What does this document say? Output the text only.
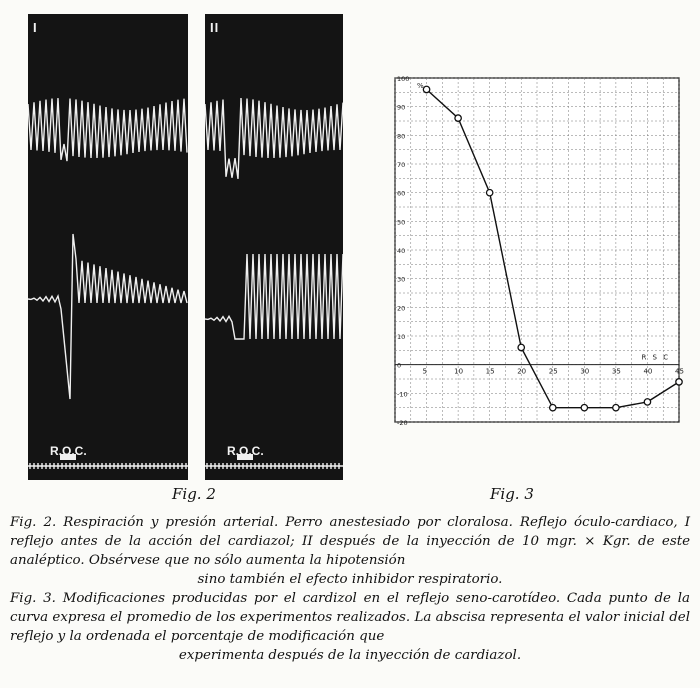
I
R.O.C.
II
R.O.C.
Fig. 2
100
90
80
70
60
50
40
30
20
10
0
-10
-20
%
5	10	15	20	25	30	35	40	45
R S C
Fig. 3

Fig. 2. Respiración y presión arterial. Perro anestesiado por cloralosa. Reflejo óculo-cardiaco, I reflejo antes de la acción del cardiazol; II después de la inyección de 10 mgr. × Kgr. de este analéptico. Obsérvese que no sólo aumenta la hipotensión
sino también el efecto inhibidor respiratorio.

Fig. 3. Modificaciones producidas por el cardizol en el reflejo seno-carotídeo. Cada punto de la curva expresa el promedio de los experimentos realizados. La abscisa representa el valor inicial del reflejo y la ordenada el porcentaje de modificación que
experimenta después de la inyección de cardiazol.
